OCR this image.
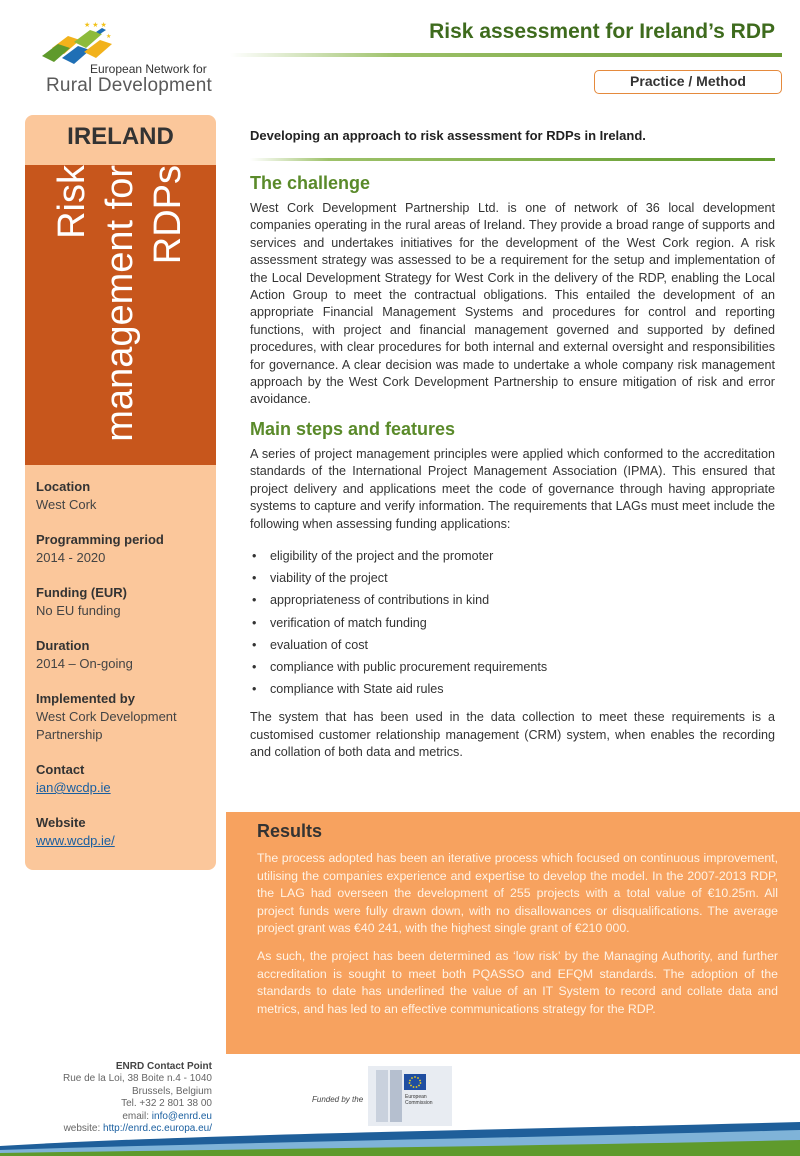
★ ★ ★
★
European Network for
Rural Development
Risk assessment for Ireland’s RDP
Practice / Method
IRELAND
Risk management for RDPs
Location
West Cork
Programming period
2014 - 2020
Funding (EUR)
No EU funding
Duration
2014 – On-going
Implemented by
West Cork Development Partnership
Contact
ian@wcdp.ie
Website
www.wcdp.ie/
Developing an approach to risk assessment for RDPs in Ireland.
The challenge

West Cork Development Partnership Ltd. is one of network of 36 local development companies operating in the rural areas of Ireland. They provide a broad range of supports and services and undertakes initiatives for the development of the West Cork region. A risk assessment strategy was assessed to be a requirement for the setup and implementation of the Local Development Strategy for West Cork in the delivery of the RDP, enabling the Local Action Group to meet the contractual obligations. This entailed the development of an appropriate Financial Management Systems and procedures for control and reporting functions, with project and financial management governed and supported by defined procedures, with clear procedures for both internal and external oversight and responsibilities for governance. A clear decision was made to undertake a whole company risk management approach by the West Cork Development Partnership to ensure mitigation of risk and error avoidance.

Main steps and features

A series of project management principles were applied which conformed to the accreditation standards of the International Project Management Association (IPMA). This ensured that project delivery and applications meet the code of governance through having appropriate systems to capture and verify information. The requirements that LAGs must meet include the following when assessing funding applications:

• eligibility of the project and the promoter
• viability of the project
• appropriateness of contributions in kind
• verification of match funding
• evaluation of cost
• compliance with public procurement requirements
• compliance with State aid rules

The system that has been used in the data collection to meet these requirements is a customised customer relationship management (CRM) system, when enables the recording and collation of both data and metrics.

Results

The process adopted has been an iterative process which focused on continuous improvement, utilising the companies experience and expertise to develop the model. In the 2007-2013 RDP, the LAG had overseen the development of 255 projects with a total value of €10.25m. All project funds were fully drawn down, with no disallowances or disqualifications. The average project grant was €40 241, with the highest single grant of €210 000.

As such, the project has been determined as ‘low risk’ by the Managing Authority, and further accreditation is sought to meet both PQASSO and EFQM standards. The adoption of the standards to date has underlined the value of an IT System to record and collate data and metrics, and has led to an effective communications strategy for the RDP.

ENRD Contact Point
Rue de la Loi, 38 Boite n.4 - 1040
Brussels, Belgium
Tel. +32 2 801 38 00
email: info@enrd.eu
website: http://enrd.ec.europa.eu/
Funded by the	European
Commission
